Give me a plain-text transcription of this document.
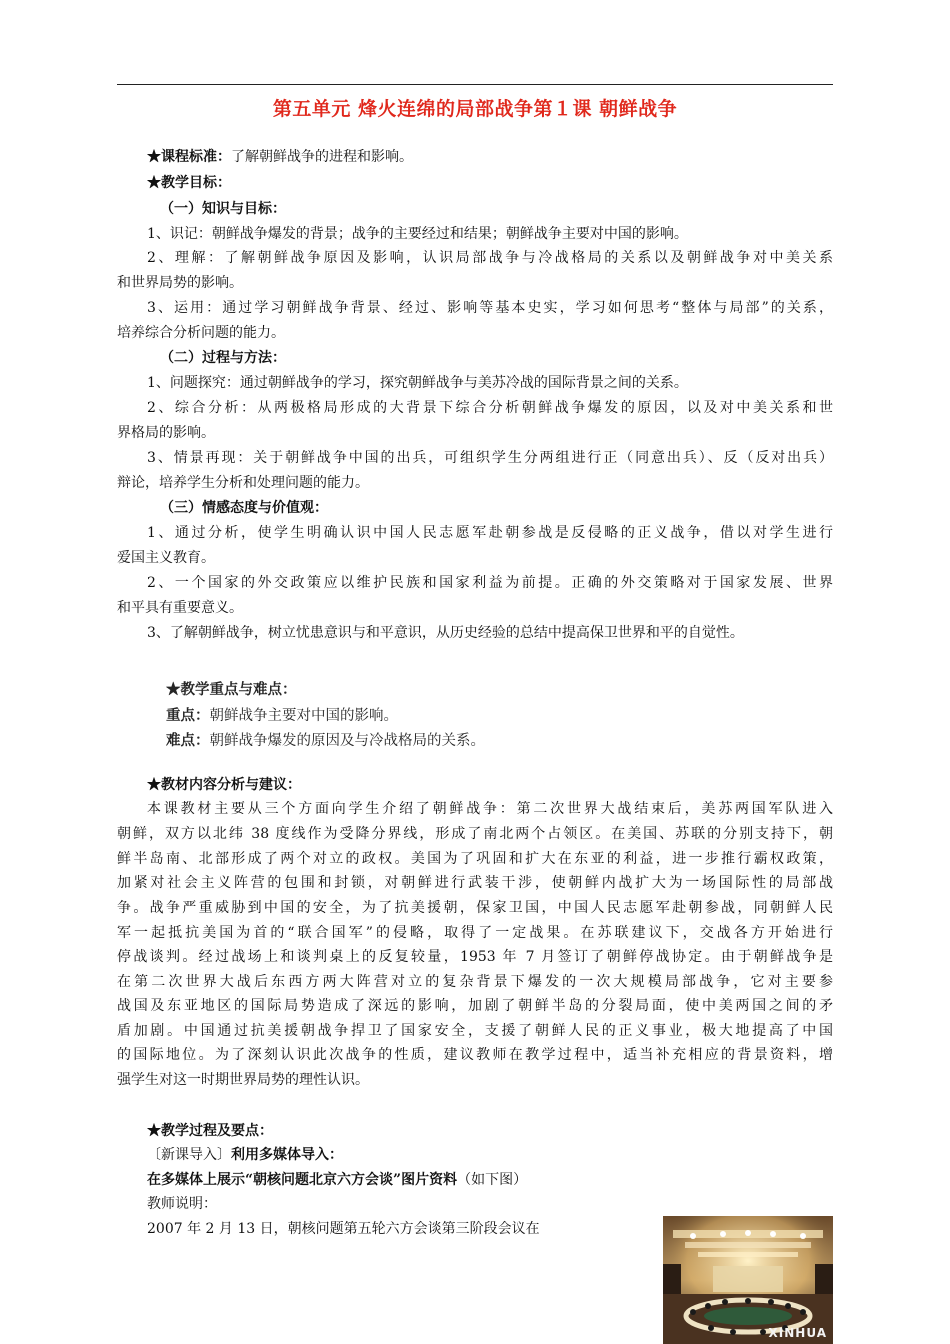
第五单元 烽火连绵的局部战争第１课 朝鲜战争
★课程标准：了解朝鲜战争的进程和影响。
★教学目标：
（一）知识与目标：
1、识记：朝鲜战争爆发的背景；战争的主要经过和结果；朝鲜战争主要对中国的影响。
2、理解：了解朝鲜战争原因及影响，认识局部战争与冷战格局的关系以及朝鲜战争对中美关系
和世界局势的影响。
3、运用：通过学习朝鲜战争背景、经过、影响等基本史实，学习如何思考“整体与局部”的关系，
培养综合分析问题的能力。
（二）过程与方法：
1、问题探究：通过朝鲜战争的学习，探究朝鲜战争与美苏冷战的国际背景之间的关系。
2、综合分析：从两极格局形成的大背景下综合分析朝鲜战争爆发的原因，以及对中美关系和世
界格局的影响。
3、情景再现：关于朝鲜战争中国的出兵，可组织学生分两组进行正（同意出兵）、反（反对出兵）
辩论，培养学生分析和处理问题的能力。
（三）情感态度与价值观：
1、通过分析，使学生明确认识中国人民志愿军赴朝参战是反侵略的正义战争，借以对学生进行
爱国主义教育。
2、一个国家的外交政策应以维护民族和国家利益为前提。正确的外交策略对于国家发展、世界
和平具有重要意义。
3、了解朝鲜战争，树立忧患意识与和平意识，从历史经验的总结中提高保卫世界和平的自觉性。
★教学重点与难点：
重点：朝鲜战争主要对中国的影响。
难点：朝鲜战争爆发的原因及与冷战格局的关系。
★教材内容分析与建议：
本课教材主要从三个方面向学生介绍了朝鲜战争：第二次世界大战结束后，美苏两国军队进入
朝鲜，双方以北纬 38 度线作为受降分界线，形成了南北两个占领区。在美国、苏联的分别支持下，朝
鲜半岛南、北部形成了两个对立的政权。美国为了巩固和扩大在东亚的利益，进一步推行霸权政策，
加紧对社会主义阵营的包围和封锁，对朝鲜进行武装干涉，使朝鲜内战扩大为一场国际性的局部战
争。战争严重威胁到中国的安全，为了抗美援朝，保家卫国，中国人民志愿军赴朝参战，同朝鲜人民
军一起抵抗美国为首的“联合国军”的侵略，取得了一定战果。在苏联建议下，交战各方开始进行
停战谈判。经过战场上和谈判桌上的反复较量，1953 年 7 月签订了朝鲜停战协定。由于朝鲜战争是
在第二次世界大战后东西方两大阵营对立的复杂背景下爆发的一次大规模局部战争，它对主要参
战国及东亚地区的国际局势造成了深远的影响，加剧了朝鲜半岛的分裂局面，使中美两国之间的矛
盾加剧。中国通过抗美援朝战争捍卫了国家安全，支援了朝鲜人民的正义事业，极大地提高了中国
的国际地位。为了深刻认识此次战争的性质，建议教师在教学过程中，适当补充相应的背景资料，增
强学生对这一时期世界局势的理性认识。
★教学过程及要点：
〔新课导入〕利用多媒体导入：
在多媒体上展示“朝核问题北京六方会谈”图片资料（如下图）
教师说明：
2007 年 2 月 13 日，朝核问题第五轮六方会谈第三阶段会议在
XINHUA
